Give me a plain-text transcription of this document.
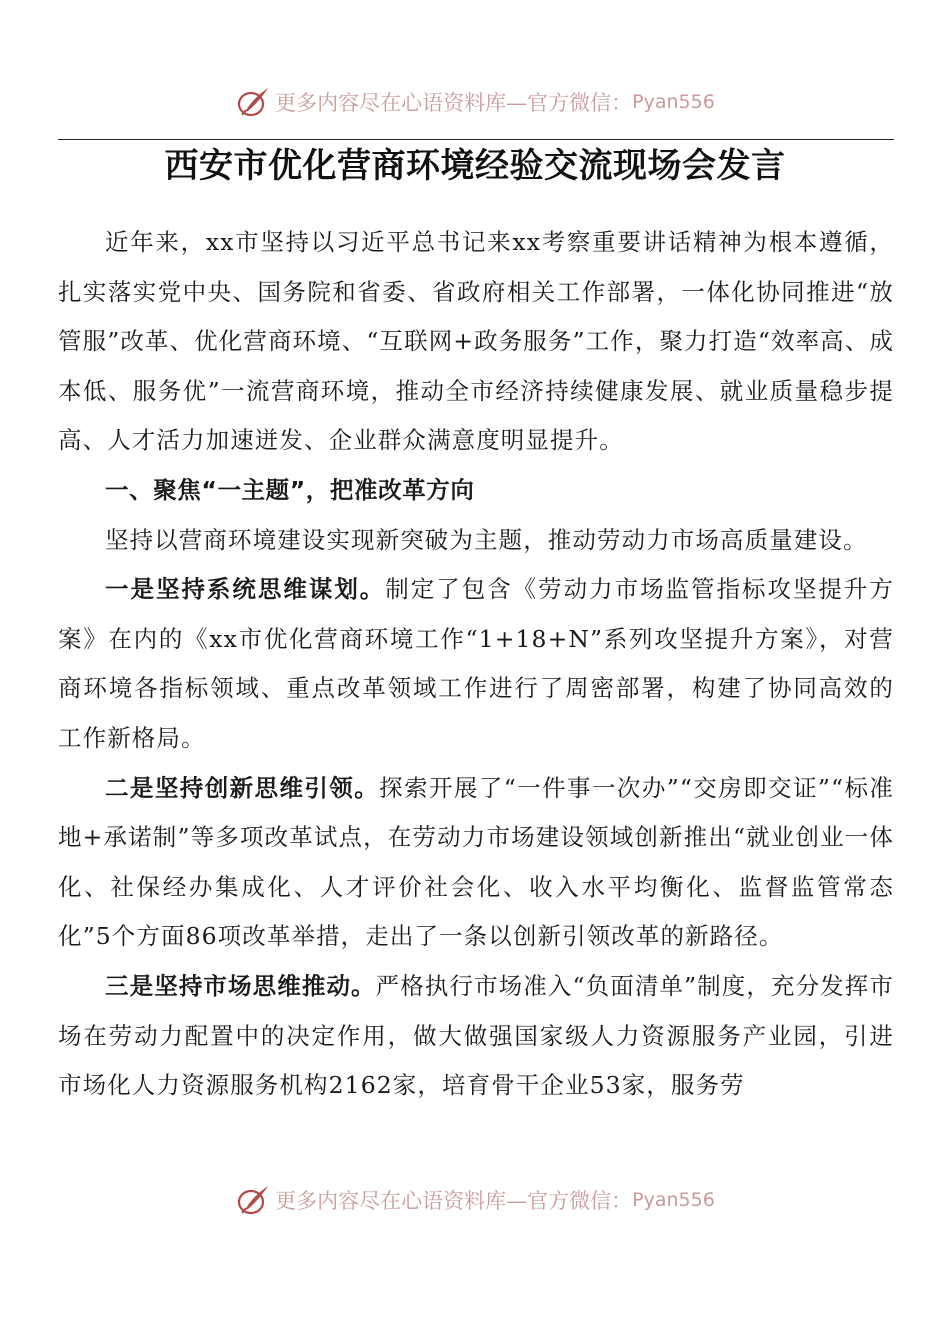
更多内容尽在心语资料库—官方微信： Pyan556
西安市优化营商环境经验交流现场会发言

近年来，xx市坚持以习近平总书记来xx考察重要讲话精神为根本遵循，扎实落实党中央、国务院和省委、省政府相关工作部署，一体化协同推进“放管服”改革、优化营商环境、“互联网+政务服务”工作，聚力打造“效率高、成本低、服务优”一流营商环境，推动全市经济持续健康发展、就业质量稳步提高、人才活力加速迸发、企业群众满意度明显提升。

一、聚焦“一主题”，把准改革方向

坚持以营商环境建设实现新突破为主题，推动劳动力市场高质量建设。

一是坚持系统思维谋划。制定了包含《劳动力市场监管指标攻坚提升方案》在内的《xx市优化营商环境工作“1+18+N”系列攻坚提升方案》，对营商环境各指标领域、重点改革领域工作进行了周密部署，构建了协同高效的工作新格局。

二是坚持创新思维引领。探索开展了“一件事一次办”“交房即交证”“标准地+承诺制”等多项改革试点，在劳动力市场建设领域创新推出“就业创业一体化、社保经办集成化、人才评价社会化、收入水平均衡化、监督监管常态化”5个方面86项改革举措，走出了一条以创新引领改革的新路径。

三是坚持市场思维推动。严格执行市场准入“负面清单”制度，充分发挥市场在劳动力配置中的决定作用，做大做强国家级人力资源服务产业园，引进市场化人力资源服务机构2162家，培育骨干企业53家，服务劳

更多内容尽在心语资料库—官方微信： Pyan556
